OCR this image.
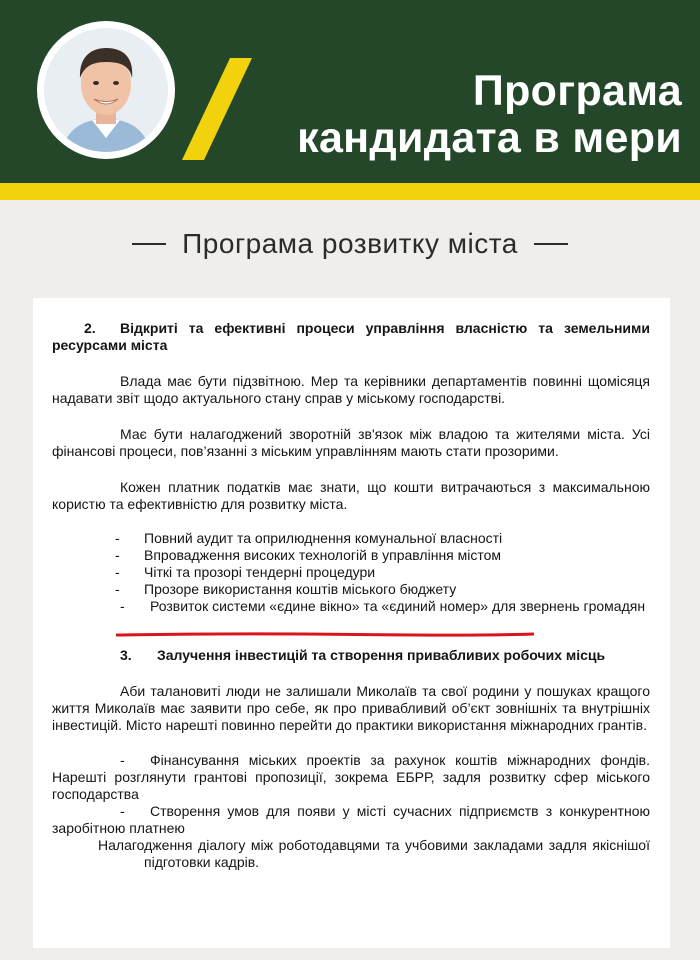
Програма
кандидата в мери
Програма розвитку міста
2. Відкриті та ефективні процеси управління власністю та земельними ресурсами міста

Влада має бути підзвітною. Мер та керівники департаментів повинні щомісяця надавати звіт щодо актуального стану справ у міському господарстві.

Має бути налагоджений зворотній зв'язок між владою та жителями міста. Усі фінансові процеси, пов’язанні з міським управлінням мають стати прозорими.

Кожен платник податків має знати, що кошти витрачаються з максимальною користю та ефективністю для розвитку міста.

- Повний аудит та оприлюднення комунальної власності
- Впровадження високих технологій в управління містом
- Чіткі та прозорі тендерні процедури
- Прозоре використання коштів міського бюджету
- Розвиток системи «єдине вікно» та «єдиний номер» для звернень громадян
3. Залучення інвестицій та створення привабливих робочих місць

Аби талановиті люди не залишали Миколаїв та свої родини у пошуках кращого життя Миколаїв має заявити про себе, як про привабливий об’єкт зовнішніх та внутрішніх інвестицій. Місто нарешті повинно перейти до практики використання міжнародних грантів.

- Фінансування міських проектів за рахунок коштів міжнародних фондів. Нарешті розглянути грантові пропозиції, зокрема ЕБРР, задля розвитку сфер міського господарства
- Створення умов для появи у місті сучасних підприємств з конкурентною заробітною платнею
Налагодження діалогу між роботодавцями та учбовими закладами задля якіснішої підготовки кадрів.
